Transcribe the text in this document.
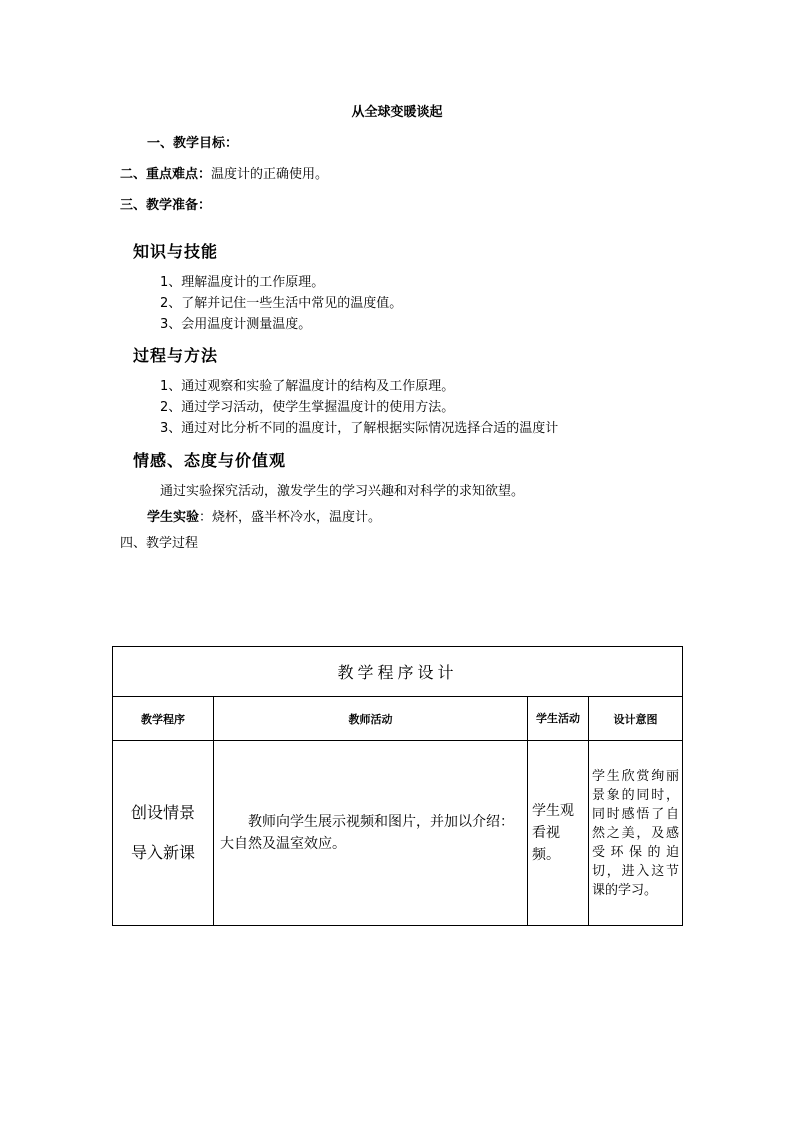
从全球变暖谈起
一、教学目标：
二、重点难点：温度计的正确使用。
三、教学准备：
知识与技能
1、理解温度计的工作原理。
2、了解并记住一些生活中常见的温度值。
3、会用温度计测量温度。
过程与方法
1、通过观察和实验了解温度计的结构及工作原理。
2、通过学习活动，使学生掌握温度计的使用方法。
3、通过对比分析不同的温度计，了解根据实际情况选择合适的温度计
情感、态度与价值观
通过实验探究活动，激发学生的学习兴趣和对科学的求知欲望。
学生实验：烧杯，盛半杯冷水，温度计。
四、教学过程
教学程序设计			
教学程序	教师活动	学生活动	设计意图

创设情景
导入新课	教师向学生展示视频和图片，并加以介绍：大自然及温室效应。	学生观看视频。	学生欣赏绚丽景象的同时，同时感悟了自然之美，及感受环保的迫切，进入这节课的学习。
